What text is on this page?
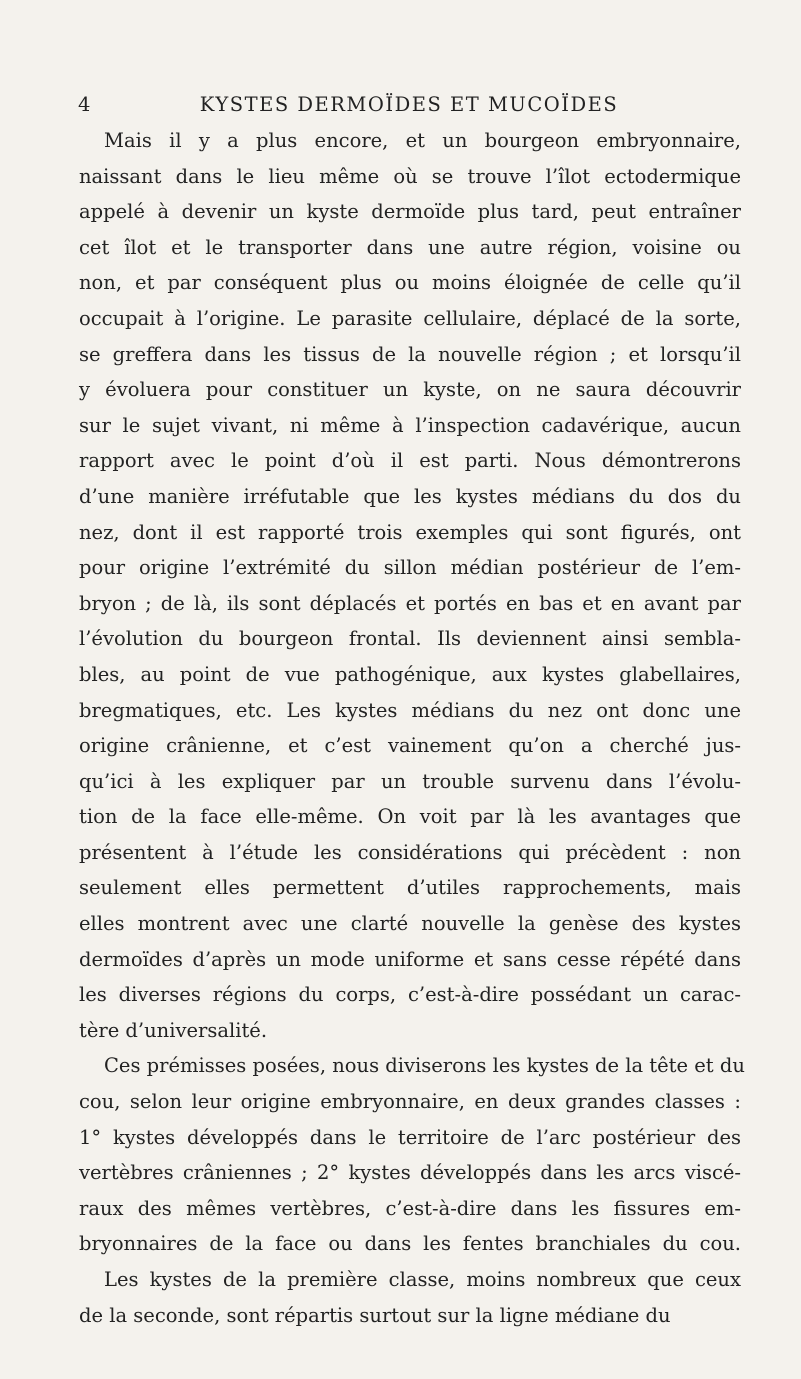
4	KYSTES DERMOÏDES ET MUCOÏDES
Mais il y a plus encore, et un bourgeon embryonnaire,
naissant dans le lieu même où se trouve l’îlot ectodermique
appelé à devenir un kyste dermoïde plus tard, peut entraîner
cet îlot et le transporter dans une autre région, voisine ou
non, et par conséquent plus ou moins éloignée de celle qu’il
occupait à l’origine. Le parasite cellulaire, déplacé de la sorte,
se greffera dans les tissus de la nouvelle région ; et lorsqu’il
y évoluera pour constituer un kyste, on ne saura découvrir
sur le sujet vivant, ni même à l’inspection cadavérique, aucun
rapport avec le point d’où il est parti. Nous démontrerons
d’une manière irréfutable que les kystes médians du dos du
nez, dont il est rapporté trois exemples qui sont figurés, ont
pour origine l’extrémité du sillon médian postérieur de l’em-
bryon ; de là, ils sont déplacés et portés en bas et en avant par
l’évolution du bourgeon frontal. Ils deviennent ainsi sembla-
bles, au point de vue pathogénique, aux kystes glabellaires,
bregmatiques, etc. Les kystes médians du nez ont donc une
origine crânienne, et c’est vainement qu’on a cherché jus-
qu’ici à les expliquer par un trouble survenu dans l’évolu-
tion de la face elle-même. On voit par là les avantages que
présentent à l’étude les considérations qui précèdent : non
seulement elles permettent d’utiles rapprochements, mais
elles montrent avec une clarté nouvelle la genèse des kystes
dermoïdes d’après un mode uniforme et sans cesse répété dans
les diverses régions du corps, c’est-à-dire possédant un carac-
tère d’universalité.
Ces prémisses posées, nous diviserons les kystes de la tête et du
cou, selon leur origine embryonnaire, en deux grandes classes :
1° kystes développés dans le territoire de l’arc postérieur des
vertèbres crâniennes ; 2° kystes développés dans les arcs viscé-
raux des mêmes vertèbres, c’est-à-dire dans les fissures em-
bryonnaires de la face ou dans les fentes branchiales du cou.
Les kystes de la première classe, moins nombreux que ceux
de la seconde, sont répartis surtout sur la ligne médiane du
